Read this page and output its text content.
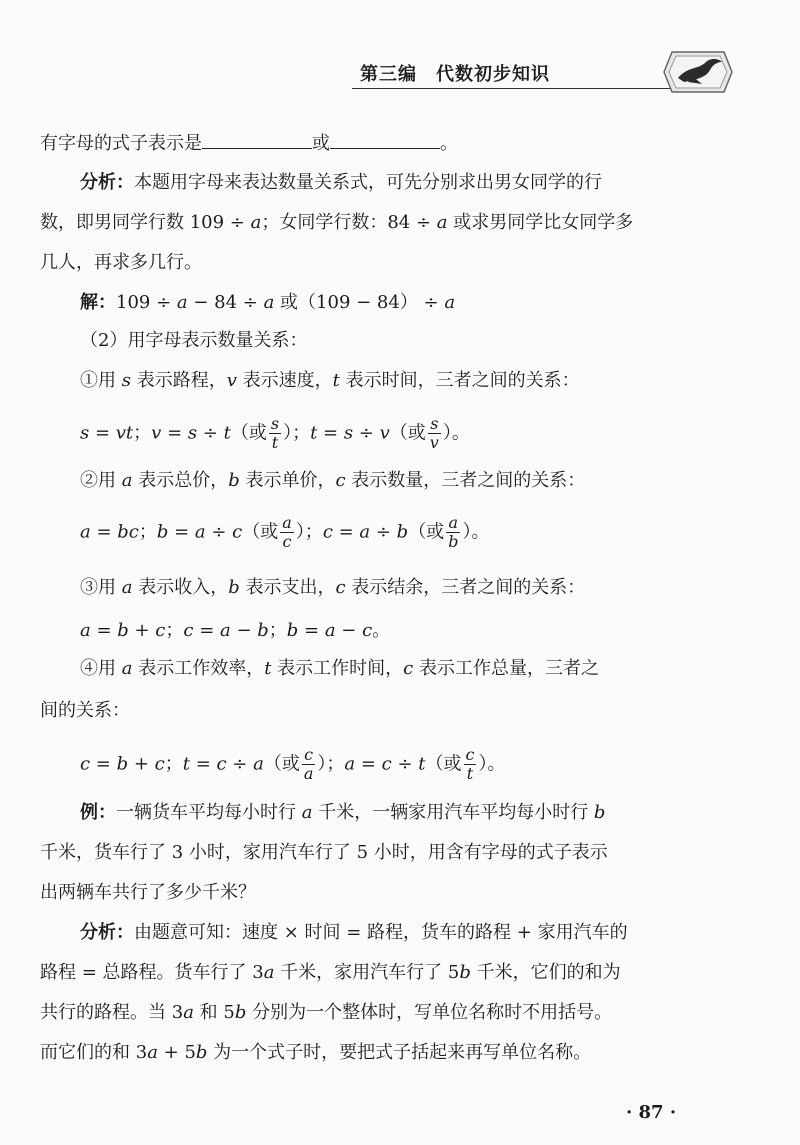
第三编　代数初步知识
有字母的式子表示是	或	。
分析：本题用字母来表达数量关系式，可先分别求出男女同学的行
数，即男同学行数 109 ÷ a；女同学行数：84 ÷ a 或求男同学比女同学多
几人，再求多几行。
解：109 ÷ a − 84 ÷ a 或（109 − 84） ÷ a
（2）用字母表示数量关系：
①用 s 表示路程，v 表示速度，t 表示时间，三者之间的关系：
s = vt；v = s ÷ t（或 $\frac{s}{t}$ ）；t = s ÷ v（或 $\frac{s}{v}$ ）。
②用 a 表示总价，b 表示单价，c 表示数量，三者之间的关系：
a = bc；b = a ÷ c（或 $\frac{a}{c}$ ）；c = a ÷ b（或 $\frac{a}{b}$ ）。
③用 a 表示收入，b 表示支出，c 表示结余，三者之间的关系：
a = b + c；c = a − b；b = a − c。
④用 a 表示工作效率，t 表示工作时间，c 表示工作总量，三者之
间的关系：
c = b + c；t = c ÷ a（或 $\frac{c}{a}$ ）；a = c ÷ t（或 $\frac{c}{t}$ ）。
例：一辆货车平均每小时行 a 千米，一辆家用汽车平均每小时行 b
千米，货车行了 3 小时，家用汽车行了 5 小时，用含有字母的式子表示
出两辆车共行了多少千米？
分析：由题意可知：速度 × 时间 = 路程，货车的路程 + 家用汽车的
路程 = 总路程。货车行了 3a 千米，家用汽车行了 5b 千米，它们的和为
共行的路程。当 3a 和 5b 分别为一个整体时，写单位名称时不用括号。
而它们的和 3a + 5b 为一个式子时，要把式子括起来再写单位名称。
· 87 ·
